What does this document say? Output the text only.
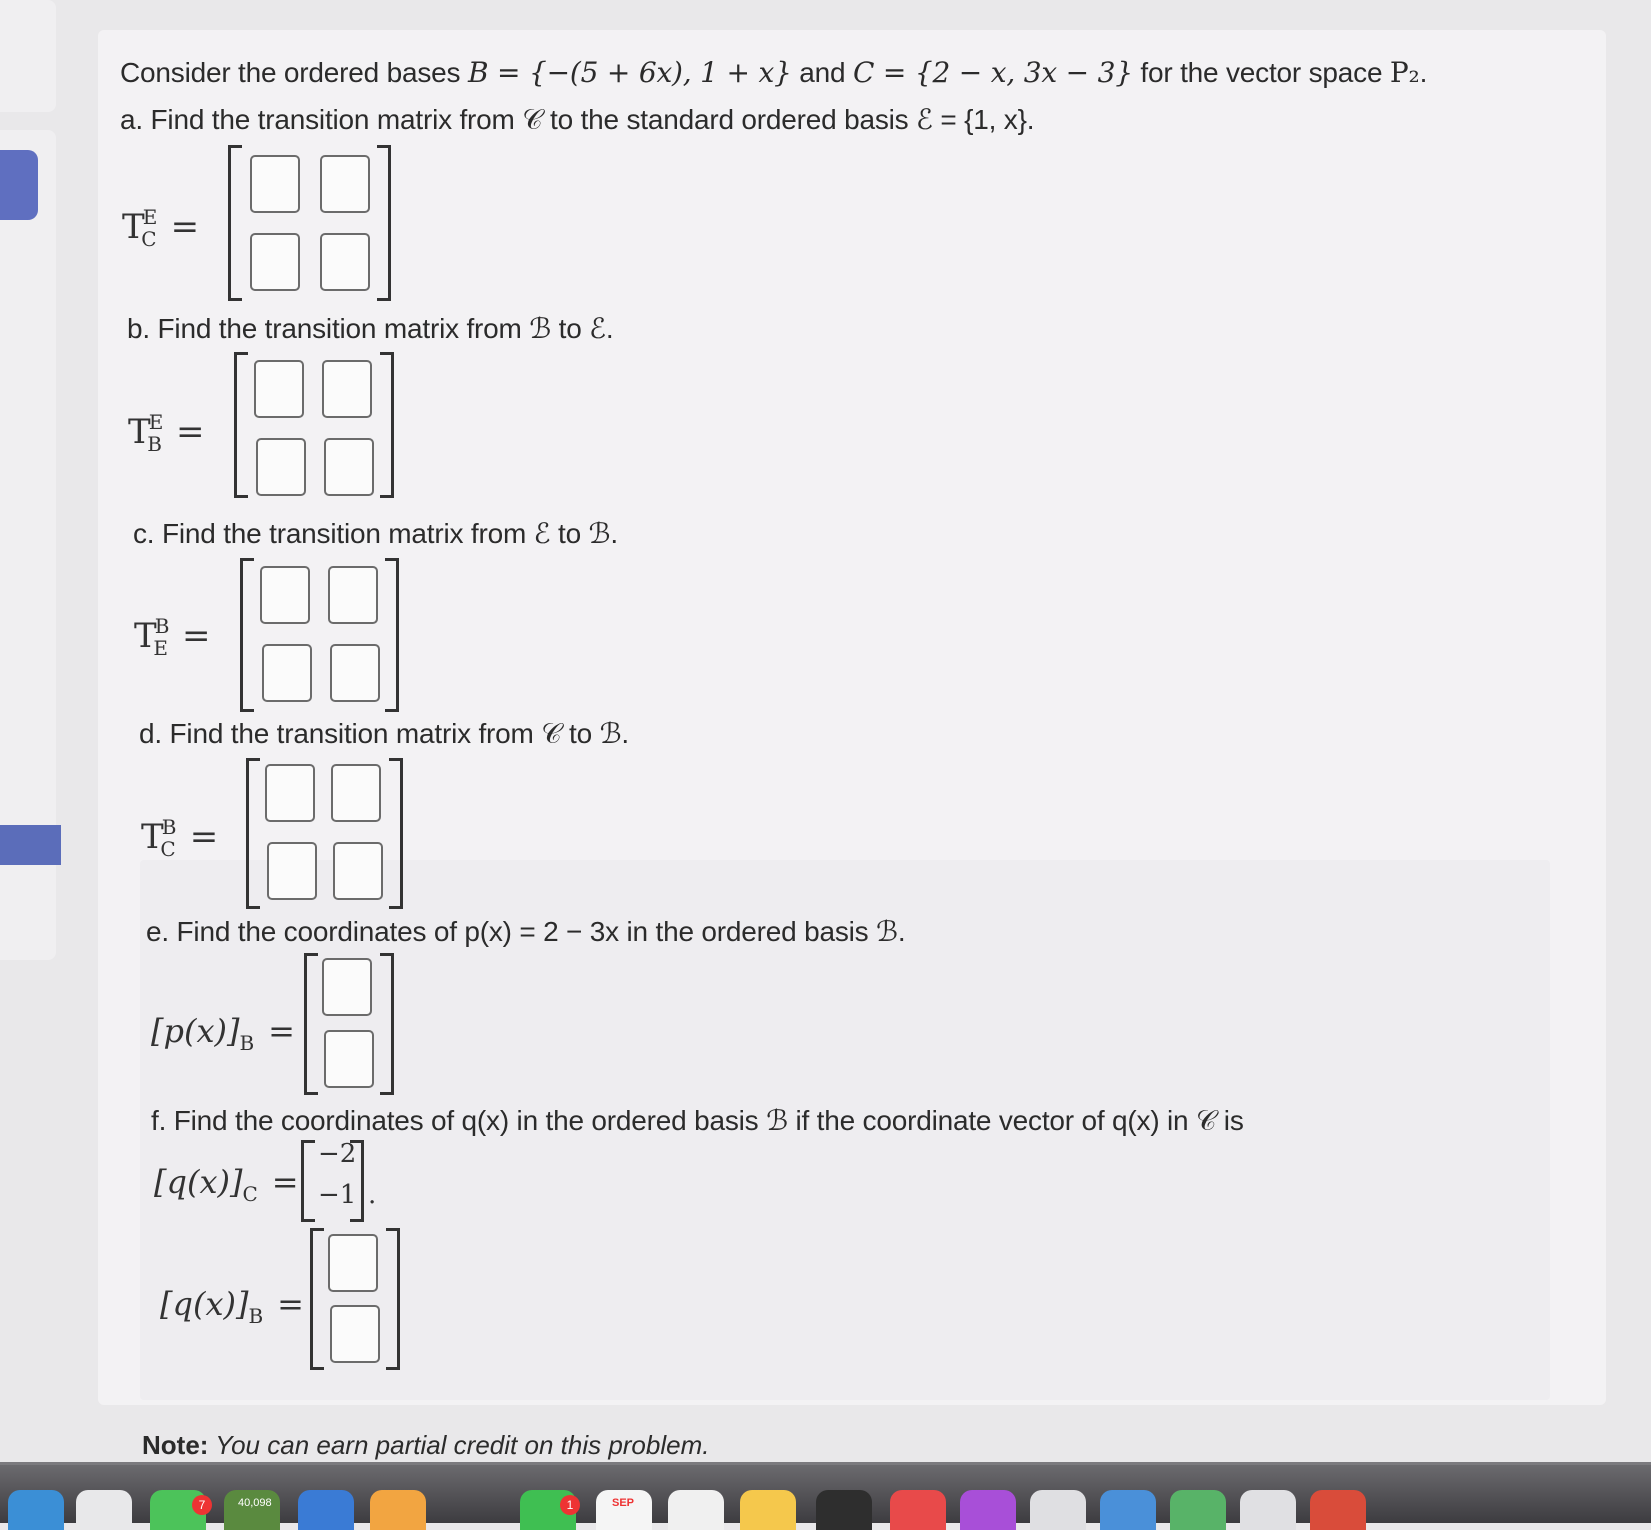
Consider the ordered bases B = {−(5 + 6x), 1 + x} and C = {2 − x, 3x − 3} for the vector space P₂.
a. Find the transition matrix from 𝒞 to the standard ordered basis ℰ = {1, x}.
$T^E_C$ =
b. Find the transition matrix from ℬ to ℰ.
$T^E_B$ =
c. Find the transition matrix from ℰ to ℬ.
$T^B_E$ =
d. Find the transition matrix from 𝒞 to ℬ.
$T^B_C$ =
e. Find the coordinates of p(x) = 2 − 3x in the ordered basis ℬ.
$[p(x)]_B$ =
f. Find the coordinates of q(x) in the ordered basis ℬ if the coordinate vector of q(x) in 𝒞 is
$[q(x)]_C$ =
−2
−1 .
$[q(x)]_B$ =
Note: You can earn partial credit on this problem.
7	40,098	1	SEP
